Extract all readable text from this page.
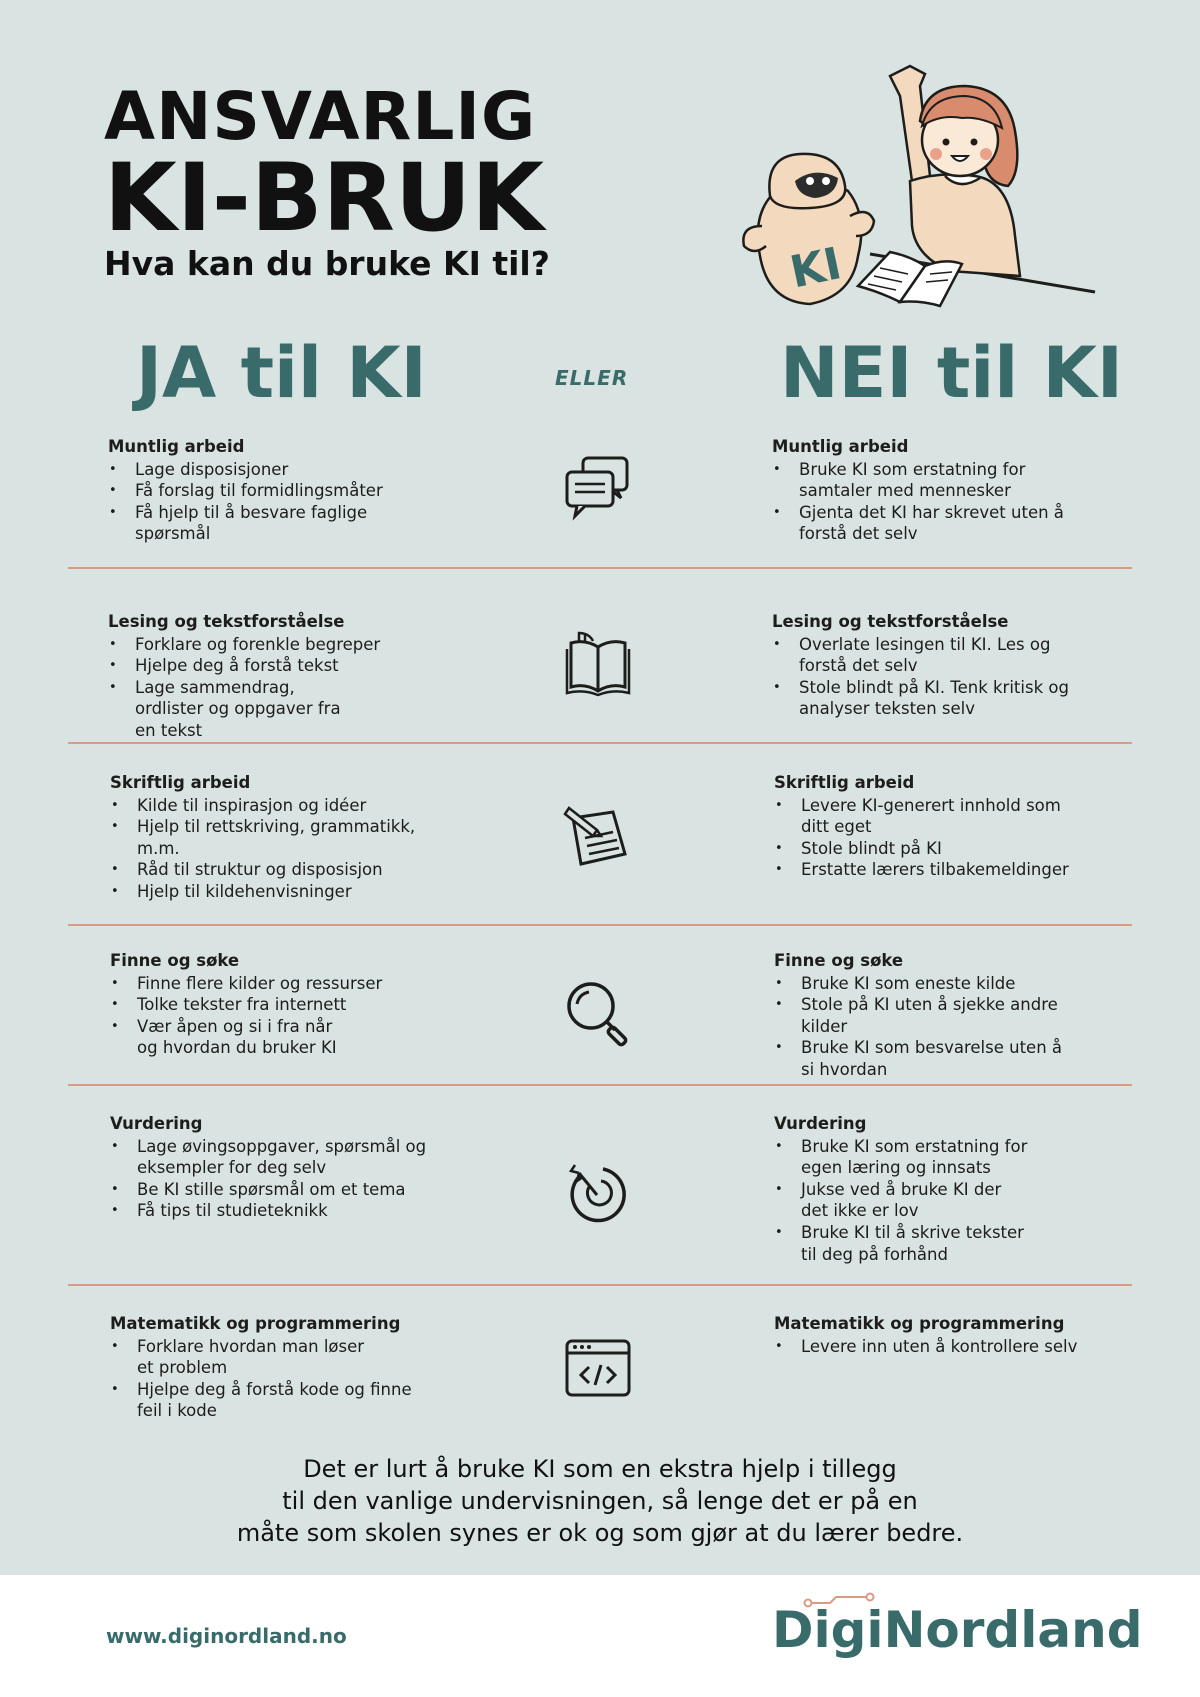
ANSVARLIG
KI-BRUK
Hva kan du bruke KI til?	KI
JA til KI	ELLER NEI til KI
Muntlig arbeid
• Lage disposisjoner
• Få forslag til formidlingsmåter
• Få hjelp til å besvare faglige spørsmål
Muntlig arbeid
• Bruke KI som erstatning for samtaler med mennesker
• Gjenta det KI har skrevet uten å forstå det selv
Lesing og tekstforståelse
• Forklare og forenkle begreper
• Hjelpe deg å forstå tekst
• Lage sammendrag, ordlister og oppgaver fra en tekst
Lesing og tekstforståelse
• Overlate lesingen til KI. Les og forstå det selv
• Stole blindt på KI. Tenk kritisk og analyser teksten selv
Skriftlig arbeid
• Kilde til inspirasjon og idéer
• Hjelp til rettskriving, grammatikk, m.m.
• Råd til struktur og disposisjon
• Hjelp til kildehenvisninger
Skriftlig arbeid
• Levere KI-generert innhold som ditt eget
• Stole blindt på KI
• Erstatte lærers tilbakemeldinger
Finne og søke
• Finne flere kilder og ressurser
• Tolke tekster fra internett
• Vær åpen og si i fra når og hvordan du bruker KI
Finne og søke
• Bruke KI som eneste kilde
• Stole på KI uten å sjekke andre kilder
• Bruke KI som besvarelse uten å si hvordan
Vurdering
• Lage øvingsoppgaver, spørsmål og eksempler for deg selv
• Be KI stille spørsmål om et tema
• Få tips til studieteknikk
Vurdering
• Bruke KI som erstatning for egen læring og innsats
• Jukse ved å bruke KI der det ikke er lov
• Bruke KI til å skrive tekster til deg på forhånd
Matematikk og programmering
• Forklare hvordan man løser et problem
• Hjelpe deg å forstå kode og finne feil i kode
Matematikk og programmering
• Levere inn uten å kontrollere selv
Det er lurt å bruke KI som en ekstra hjelp i tillegg
til den vanlige undervisningen, så lenge det er på en
måte som skolen synes er ok og som gjør at du lærer bedre.
www.diginordland.no	DigiNordland
